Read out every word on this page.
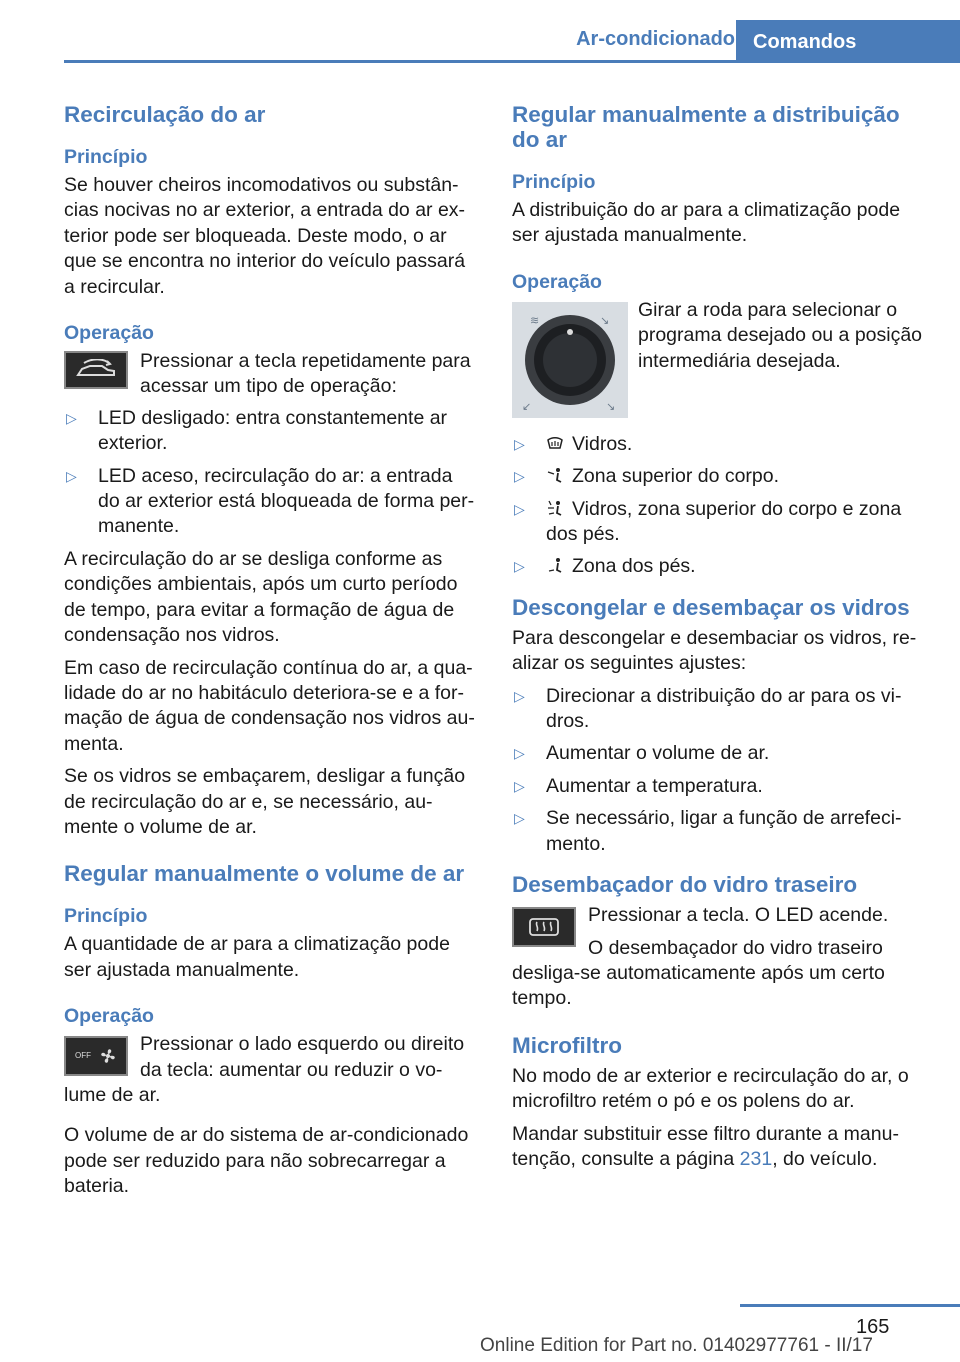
Ar-condicionado Comandos
Recirculação do ar
Princípio

Se houver cheiros incomodativos ou substân-cias nocivas no ar exterior, a entrada do ar ex-terior pode ser bloqueada. Deste modo, o ar que se encontra no interior do veículo passará a recircular.

Operação
Pressionar a tecla repetidamente para acessar um tipo de operação:
▷ LED desligado: entra constantemente ar exterior.
▷ LED aceso, recirculação do ar: a entrada do ar exterior está bloqueada de forma per-manente.

A recirculação do ar se desliga conforme as condições ambientais, após um curto período de tempo, para evitar a formação de água de condensação nos vidros.

Em caso de recirculação contínua do ar, a qua-lidade do ar no habitáculo deteriora-se e a for-mação de água de condensação nos vidros au-menta.

Se os vidros se embaçarem, desligar a função de recirculação do ar e, se necessário, au-mente o volume de ar.

Regular manualmente o volume de ar
Princípio

A quantidade de ar para a climatização pode ser ajustada manualmente.

Operação
OFF

Pressionar o lado esquerdo ou direito da tecla: aumentar ou reduzir o vo-lume de ar.

O volume de ar do sistema de ar-condicionado pode ser reduzido para não sobrecarregar a bateria.

Regular manualmente a distribuição do ar
Princípio

A distribuição do ar para a climatização pode ser ajustada manualmente.

Operação
≋	↘
↙	↘
Girar a roda para selecionar o programa desejado ou a posição intermediária desejada.
▷ Vidros.
▷ Zona superior do corpo.
▷ Vidros, zona superior do corpo e zona dos pés.
▷ Zona dos pés.
Descongelar e desembaçar os vidros

Para descongelar e desembaciar os vidros, re-alizar os seguintes ajustes:

▷ Direcionar a distribuição do ar para os vi-dros.
▷ Aumentar o volume de ar.
▷ Aumentar a temperatura.
▷ Se necessário, ligar a função de arrefeci-mento.
Desembaçador do vidro traseiro

Pressionar a tecla. O LED acende.

O desembaçador do vidro traseiro desliga-se automaticamente após um certo tempo.

Microfiltro

No modo de ar exterior e recirculação do ar, o microfiltro retém o pó e os polens do ar.

Mandar substituir esse filtro durante a manu-tenção, consulte a página 231, do veículo.

165
Online Edition for Part no. 01402977761 - II/17
